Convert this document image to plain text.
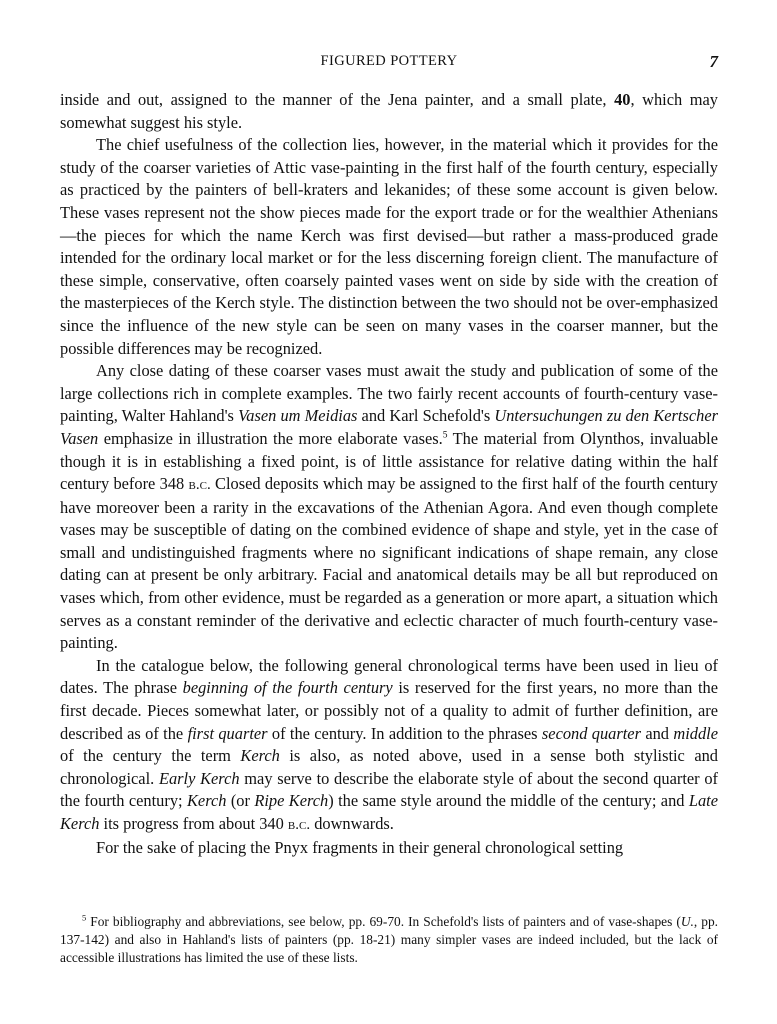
FIGURED POTTERY	7

inside and out, assigned to the manner of the Jena painter, and a small plate, 40, which may somewhat suggest his style.

The chief usefulness of the collection lies, however, in the material which it provides for the study of the coarser varieties of Attic vase-painting in the first half of the fourth century, especially as practiced by the painters of bell-kraters and lekanides; of these some account is given below. These vases represent not the show pieces made for the export trade or for the wealthier Athenians—the pieces for which the name Kerch was first devised—but rather a mass-produced grade intended for the ordinary local market or for the less discerning foreign client. The manufacture of these simple, conservative, often coarsely painted vases went on side by side with the creation of the masterpieces of the Kerch style. The distinction between the two should not be over-emphasized since the influence of the new style can be seen on many vases in the coarser manner, but the possible differences may be recognized.

Any close dating of these coarser vases must await the study and publication of some of the large collections rich in complete examples. The two fairly recent accounts of fourth-century vase-painting, Walter Hahland's Vasen um Meidias and Karl Schefold's Untersuchungen zu den Kertscher Vasen emphasize in illustration the more elaborate vases.$^5$ The material from Olynthos, invaluable though it is in establishing a fixed point, is of little assistance for relative dating within the half century before 348 b.c. Closed deposits which may be assigned to the first half of the fourth century have moreover been a rarity in the excavations of the Athenian Agora. And even though complete vases may be susceptible of dating on the combined evidence of shape and style, yet in the case of small and undistinguished fragments where no significant indications of shape remain, any close dating can at present be only arbitrary. Facial and anatomical details may be all but reproduced on vases which, from other evidence, must be regarded as a generation or more apart, a situation which serves as a constant reminder of the derivative and eclectic character of much fourth-century vase-painting.

In the catalogue below, the following general chronological terms have been used in lieu of dates. The phrase beginning of the fourth century is reserved for the first years, no more than the first decade. Pieces somewhat later, or possibly not of a quality to admit of further definition, are described as of the first quarter of the century. In addition to the phrases second quarter and middle of the century the term Kerch is also, as noted above, used in a sense both stylistic and chronological. Early Kerch may serve to describe the elaborate style of about the second quarter of the fourth century; Kerch (or Ripe Kerch) the same style around the middle of the century; and Late Kerch its progress from about 340 b.c. downwards.

For the sake of placing the Pnyx fragments in their general chronological setting

$^5$ For bibliography and abbreviations, see below, pp. 69-70. In Schefold's lists of painters and of vase-shapes (U., pp. 137-142) and also in Hahland's lists of painters (pp. 18-21) many simpler vases are indeed included, but the lack of accessible illustrations has limited the use of these lists.
